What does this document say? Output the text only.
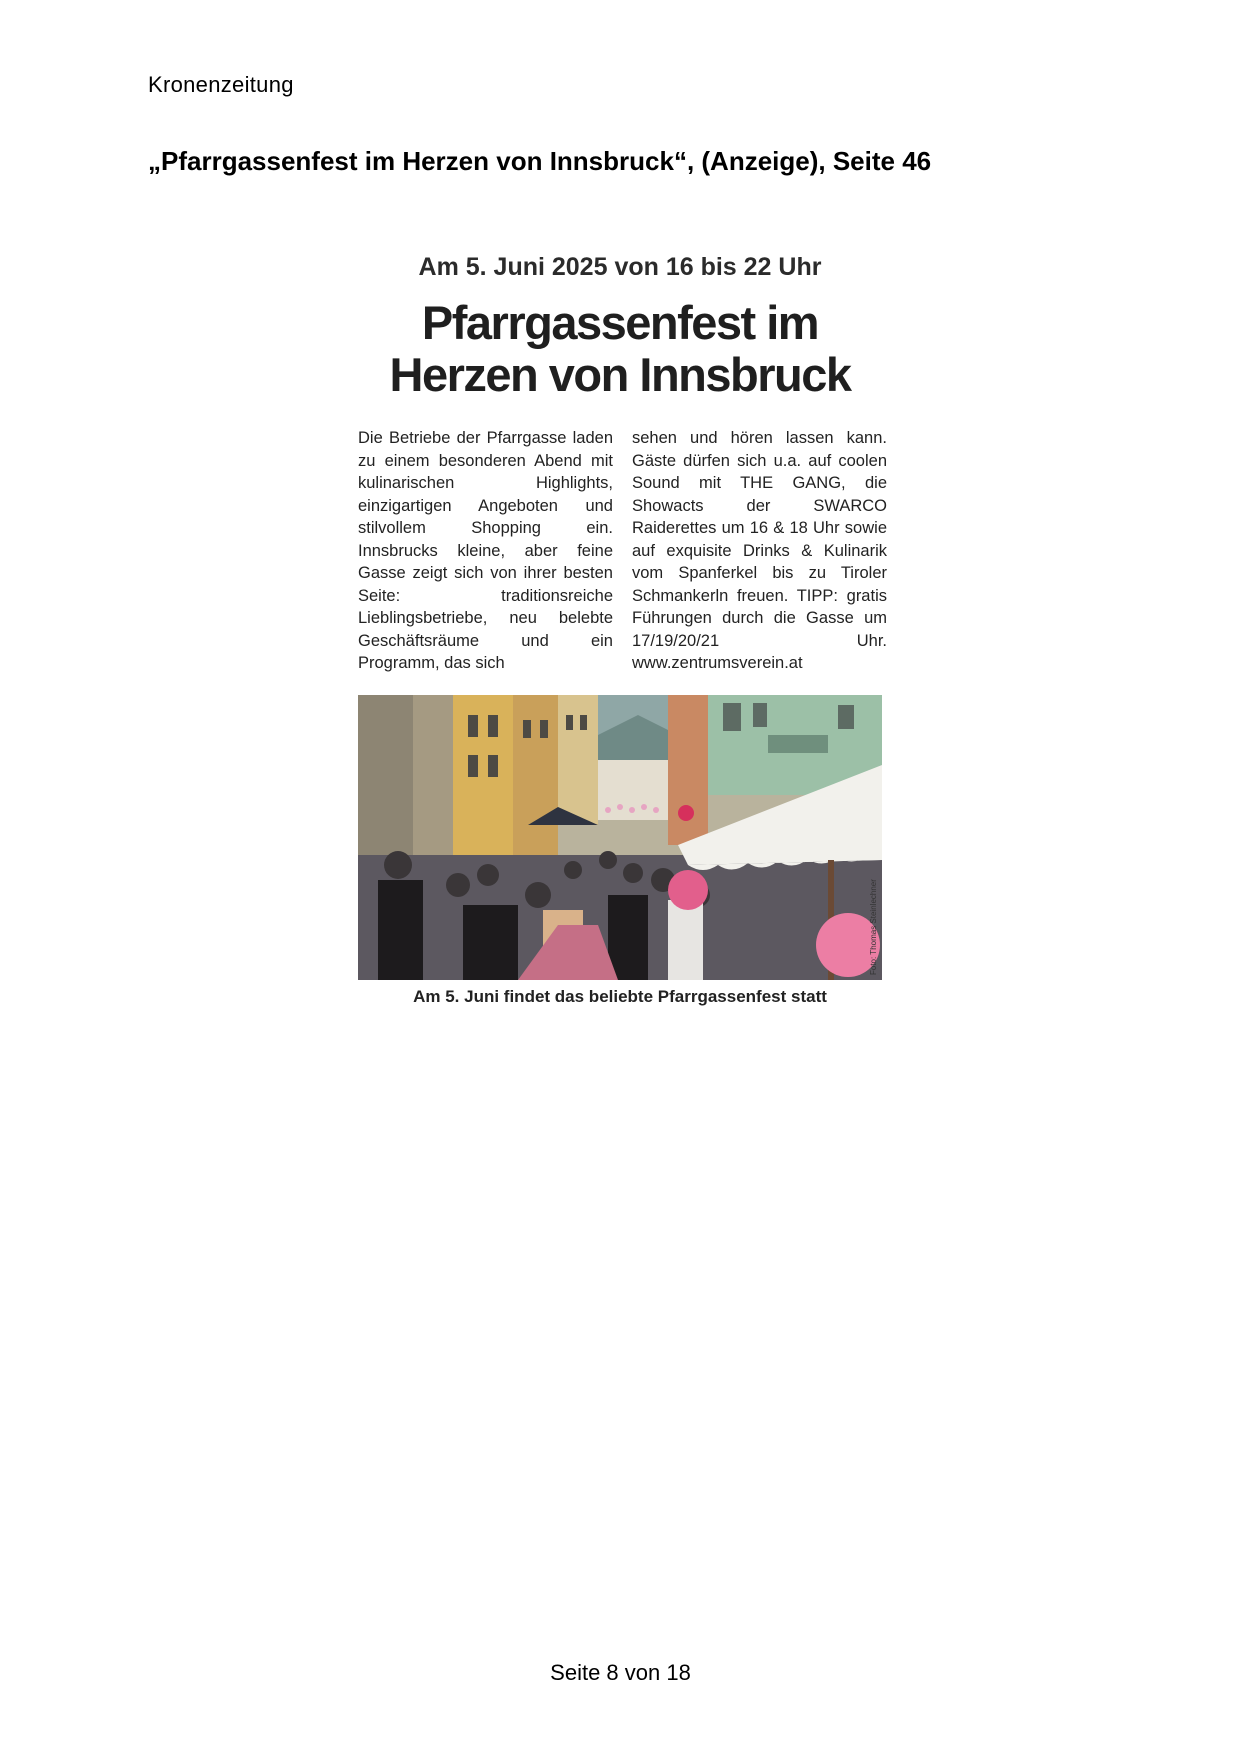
Kronenzeitung
„Pfarrgassenfest im Herzen von Innsbruck“, (Anzeige), Seite 46
Am 5. Juni 2025 von 16 bis 22 Uhr
Pfarrgassenfest im
Herzen von Innsbruck
Die Betriebe der Pfarrgasse laden zu einem besonderen Abend mit kulinarischen Highlights, einzigartigen Angeboten und stilvollem Shopping ein. Innsbrucks kleine, aber feine Gasse zeigt sich von ihrer besten Seite: traditionsreiche Lieblingsbetriebe, neu belebte Geschäftsräume und ein Programm, das sich
sehen und hören lassen kann. Gäste dürfen sich u.a. auf coolen Sound mit THE GANG, die Showacts der SWARCO Raiderettes um 16 & 18 Uhr sowie auf exquisite Drinks & Kulinarik vom Spanferkel bis zu Tiroler Schmankerln freuen. TIPP: gratis Führungen durch die Gasse um 17/19/20/21 Uhr. www.zentrumsverein.at
Foto: Thomas Steinlechner
Am 5. Juni findet das beliebte Pfarrgassenfest statt
Seite 8 von 18
